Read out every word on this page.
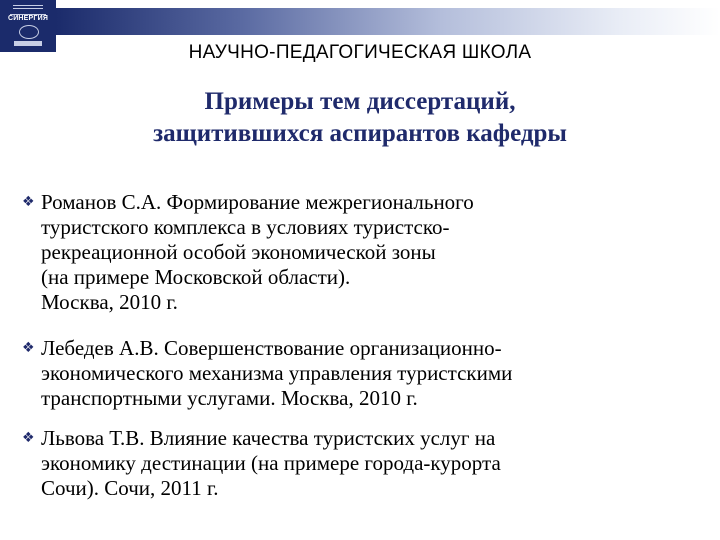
СИНЕРГИЯ
НАУЧНО-ПЕДАГОГИЧЕСКАЯ ШКОЛА
Примеры тем диссертаций,
защитившихся аспирантов кафедры
❖ Романов С.А. Формирование межрегионального
туристского комплекса в условиях туристско-
рекреационной особой экономической зоны
(на примере Московской области).
Москва, 2010 г.
❖ Лебедев А.В. Совершенствование организационно-
экономического механизма управления туристскими
транспортными услугами. Москва, 2010 г.
❖ Львова Т.В. Влияние качества туристских услуг на
экономику дестинации (на примере города-курорта
Сочи). Сочи, 2011 г.
